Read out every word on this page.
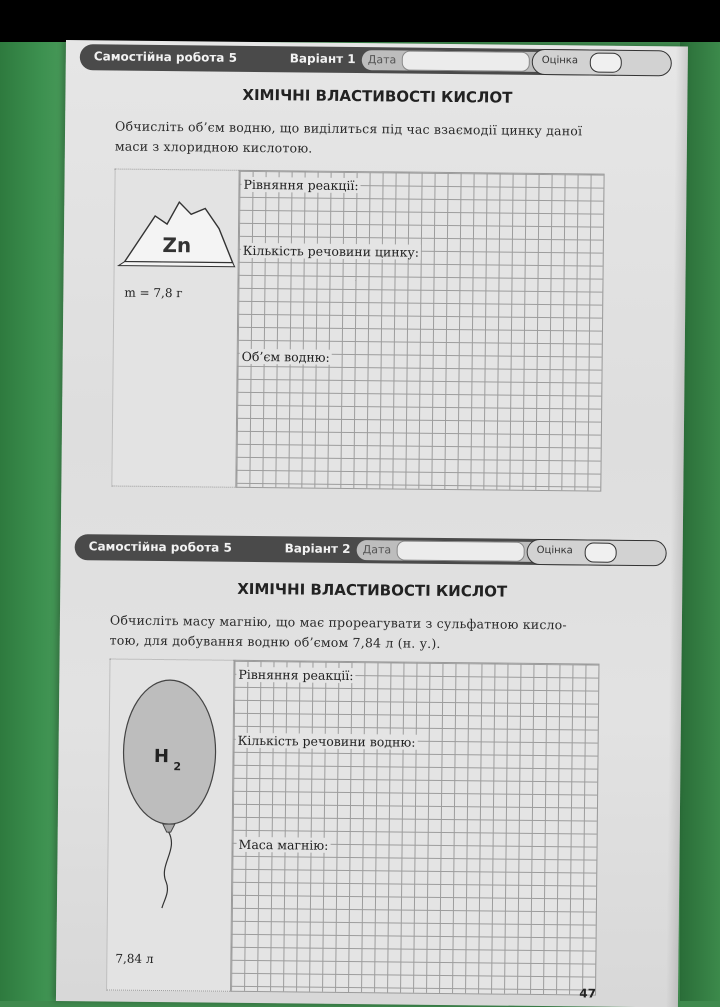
Самостійна робота 5	Варіант 1 Дата	Оцінка
ХІМІЧНІ ВЛАСТИВОСТІ КИСЛОТ
Обчисліть об’єм водню, що виділиться під час взаємодії цинку даної
маси з хлоридною кислотою.
Zn
m = 7,8 г
Рівняння реакції:
Кількість речовини цинку:
Об’єм водню:
Самостійна робота 5	Варіант 2 Дата	Оцінка
ХІМІЧНІ ВЛАСТИВОСТІ КИСЛОТ
Обчисліть масу магнію, що має прореагувати з сульфатною кисло-
тою, для добування водню об’ємом 7,84 л (н. у.).
H 2
7,84 л
Рівняння реакції:
Кількість речовини водню:
Маса магнію:
47
